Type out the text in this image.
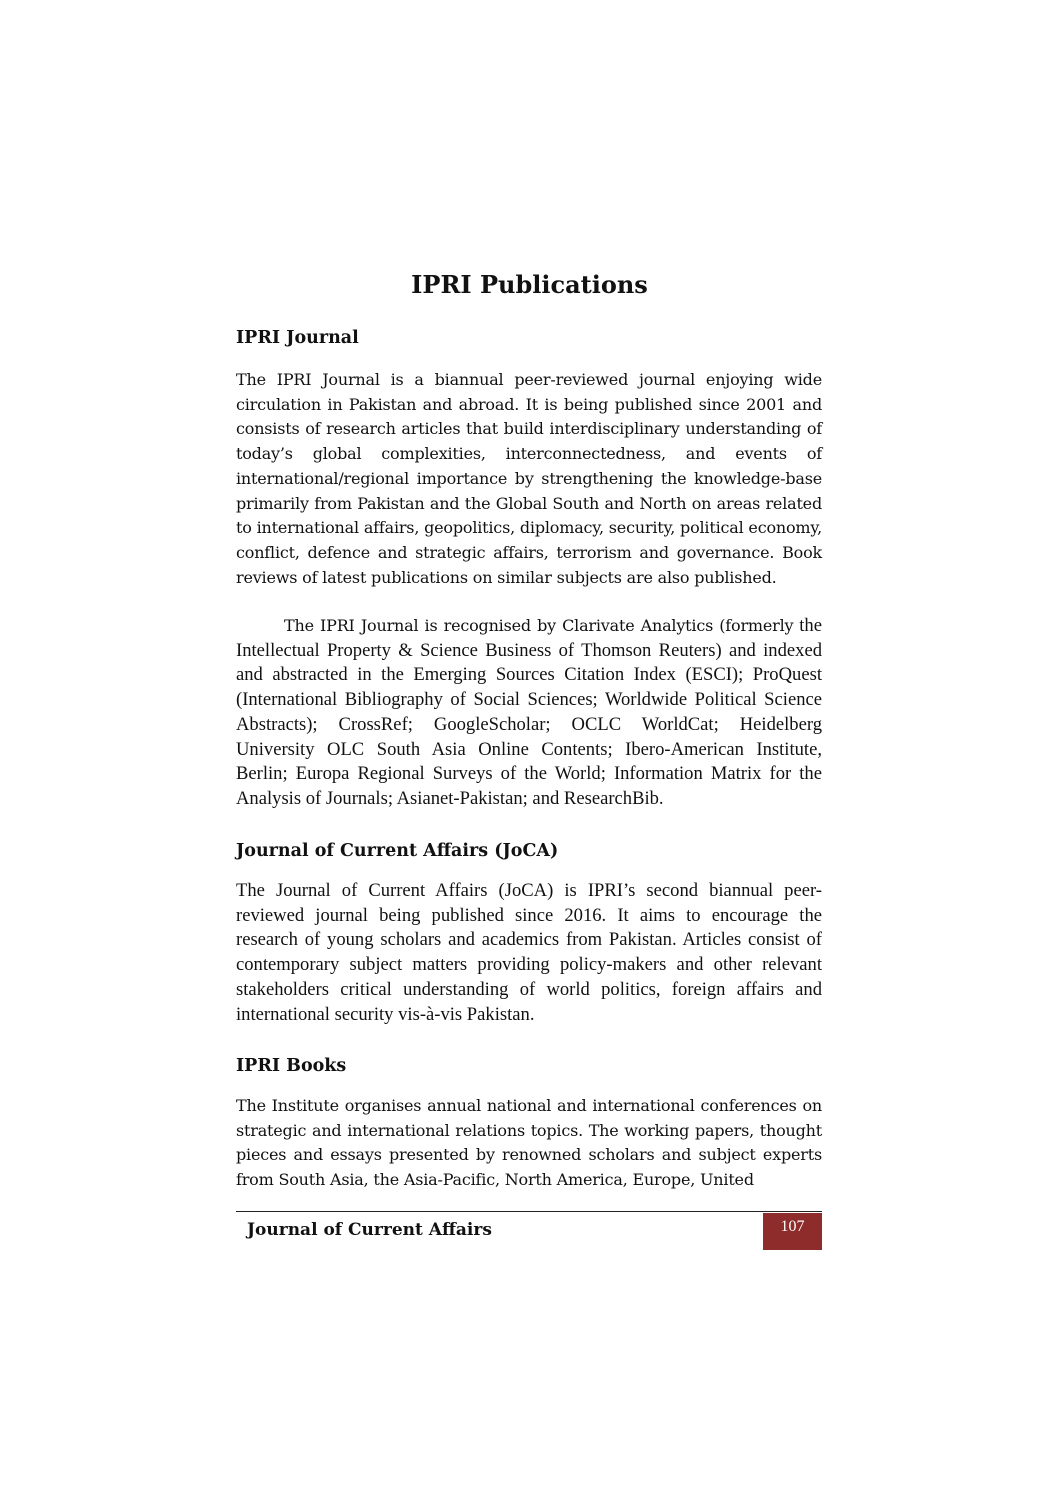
IPRI Publications
IPRI Journal

The IPRI Journal is a biannual peer-reviewed journal enjoying wide circulation in Pakistan and abroad. It is being published since 2001 and consists of research articles that build interdisciplinary understanding of today’s global complexities, interconnectedness, and events of international/regional importance by strengthening the knowledge-base primarily from Pakistan and the Global South and North on areas related to international affairs, geopolitics, diplomacy, security, political economy, conflict, defence and strategic affairs, terrorism and governance. Book reviews of latest publications on similar subjects are also published.

The IPRI Journal is recognised by Clarivate Analytics (formerly the Intellectual Property & Science Business of Thomson Reuters) and indexed and abstracted in the Emerging Sources Citation Index (ESCI); ProQuest (International Bibliography of Social Sciences; Worldwide Political Science Abstracts); CrossRef; GoogleScholar; OCLC WorldCat; Heidelberg University OLC South Asia Online Contents; Ibero-American Institute, Berlin; Europa Regional Surveys of the World; Information Matrix for the Analysis of Journals; Asianet-Pakistan; and ResearchBib.

Journal of Current Affairs (JoCA)

The Journal of Current Affairs (JoCA) is IPRI’s second biannual peer-reviewed journal being published since 2016. It aims to encourage the research of young scholars and academics from Pakistan. Articles consist of contemporary subject matters providing policy-makers and other relevant stakeholders critical understanding of world politics, foreign affairs and international security vis-à-vis Pakistan.

IPRI Books

The Institute organises annual national and international conferences on strategic and international relations topics. The working papers, thought pieces and essays presented by renowned scholars and subject experts from South Asia, the Asia-Pacific, North America, Europe, United

Journal of Current Affairs	107
